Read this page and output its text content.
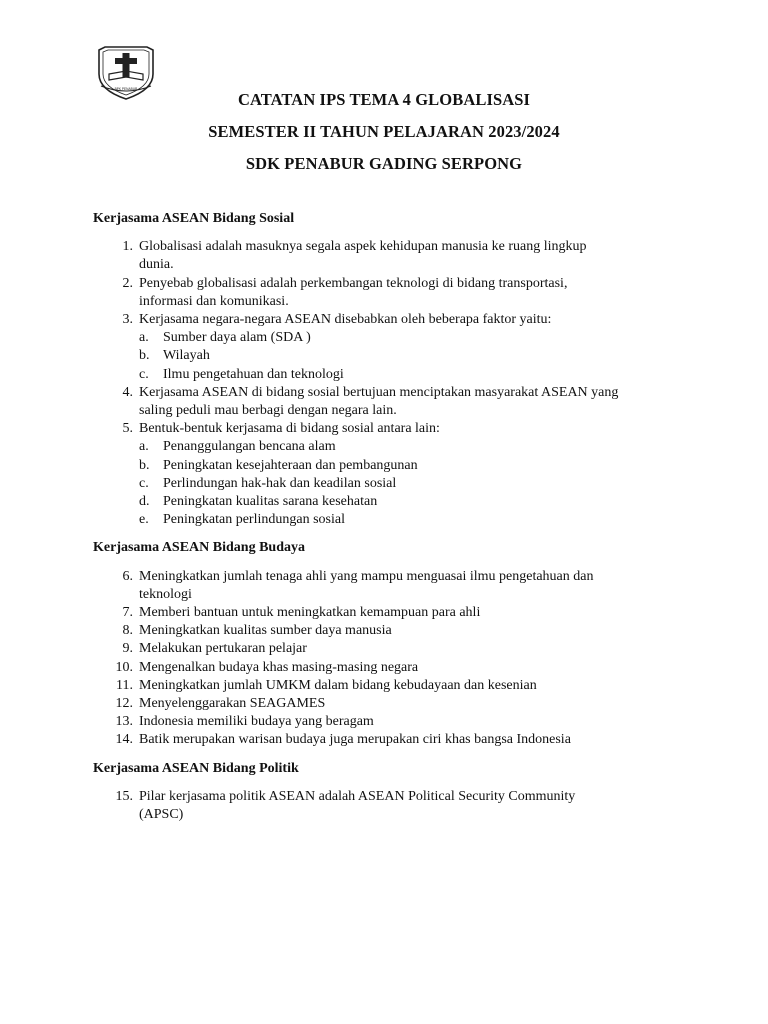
BPK PENABUR
CATATAN IPS TEMA 4 GLOBALISASI
SEMESTER II TAHUN PELAJARAN 2023/2024
SDK PENABUR GADING SERPONG
Kerjasama ASEAN Bidang Sosial
1. Globalisasi adalah masuknya segala aspek kehidupan manusia ke ruang lingkup
dunia.
2. Penyebab globalisasi adalah perkembangan teknologi di bidang transportasi,
informasi dan komunikasi.
3. Kerjasama negara-negara ASEAN disebabkan oleh beberapa faktor yaitu:
a. Sumber daya alam (SDA )
b. Wilayah
c. Ilmu pengetahuan dan teknologi
4. Kerjasama ASEAN di bidang sosial bertujuan menciptakan masyarakat ASEAN yang
saling peduli mau berbagi dengan negara lain.
5. Bentuk-bentuk kerjasama di bidang sosial antara lain:
a. Penanggulangan bencana alam
b. Peningkatan kesejahteraan dan pembangunan
c. Perlindungan hak-hak dan keadilan sosial
d. Peningkatan kualitas sarana kesehatan
e. Peningkatan perlindungan sosial
Kerjasama ASEAN Bidang Budaya
6. Meningkatkan jumlah tenaga ahli yang mampu menguasai ilmu pengetahuan dan
teknologi
7. Memberi bantuan untuk meningkatkan kemampuan para ahli
8. Meningkatkan kualitas sumber daya manusia
9. Melakukan pertukaran pelajar
10. Mengenalkan budaya khas masing-masing negara
11. Meningkatkan jumlah UMKM dalam bidang kebudayaan dan kesenian
12. Menyelenggarakan SEAGAMES
13. Indonesia memiliki budaya yang beragam
14. Batik merupakan warisan budaya juga merupakan ciri khas bangsa Indonesia
Kerjasama ASEAN Bidang Politik
15. Pilar kerjasama politik ASEAN adalah ASEAN Political Security Community
(APSC)
